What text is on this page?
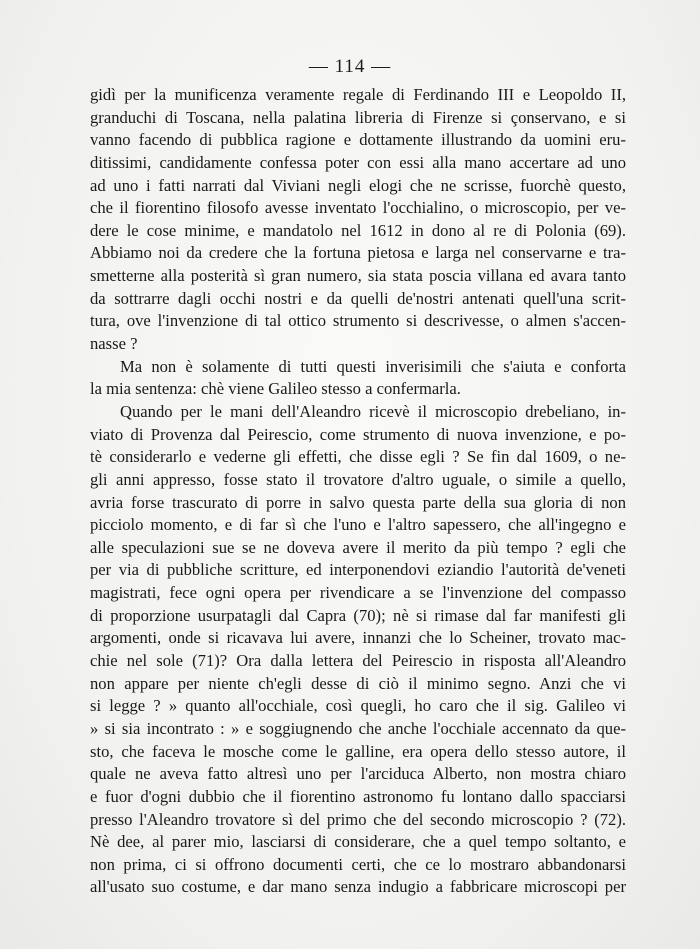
— 114 —
gidì per la munificenza veramente regale di Ferdinando III e Leopoldo II,
granduchi di Toscana, nella palatina libreria di Firenze si çonservano, e si
vanno facendo di pubblica ragione e dottamente illustrando da uomini eru-
ditissimi, candidamente confessa poter con essi alla mano accertare ad uno
ad uno i fatti narrati dal Viviani negli elogi che ne scrisse, fuorchè questo,
che il fiorentino filosofo avesse inventato l'occhialino, o microscopio, per ve-
dere le cose minime, e mandatolo nel 1612 in dono al re di Polonia (69).
Abbiamo noi da credere che la fortuna pietosa e larga nel conservarne e tra-
smetterne alla posterità sì gran numero, sia stata poscia villana ed avara tanto
da sottrarre dagli occhi nostri e da quelli de'nostri antenati quell'una scrit-
tura, ove l'invenzione di tal ottico strumento si descrivesse, o almen s'accen-
nasse ?
Ma non è solamente di tutti questi inverisimili che s'aiuta e conforta
la mia sentenza: chè viene Galileo stesso a confermarla.
Quando per le mani dell'Aleandro ricevè il microscopio drebeliano, in-
viato di Provenza dal Peirescio, come strumento di nuova invenzione, e po-
tè considerarlo e vederne gli effetti, che disse egli ? Se fin dal 1609, o ne-
gli anni appresso, fosse stato il trovatore d'altro uguale, o simile a quello,
avria forse trascurato di porre in salvo questa parte della sua gloria di non
picciolo momento, e di far sì che l'uno e l'altro sapessero, che all'ingegno e
alle speculazioni sue se ne doveva avere il merito da più tempo ? egli che
per via di pubbliche scritture, ed interponendovi eziandio l'autorità de'veneti
magistrati, fece ogni opera per rivendicare a se l'invenzione del compasso
di proporzione usurpatagli dal Capra (70); nè si rimase dal far manifesti gli
argomenti, onde si ricavava lui avere, innanzi che lo Scheiner, trovato mac-
chie nel sole (71)? Ora dalla lettera del Peirescio in risposta all'Aleandro
non appare per niente ch'egli desse di ciò il minimo segno. Anzi che vi
si legge ? » quanto all'occhiale, così quegli, ho caro che il sig. Galileo vi
» si sia incontrato : » e soggiugnendo che anche l'occhiale accennato da que-
sto, che faceva le mosche come le galline, era opera dello stesso autore, il
quale ne aveva fatto altresì uno per l'arciduca Alberto, non mostra chiaro
e fuor d'ogni dubbio che il fiorentino astronomo fu lontano dallo spacciarsi
presso l'Aleandro trovatore sì del primo che del secondo microscopio ? (72).
Nè dee, al parer mio, lasciarsi di considerare, che a quel tempo soltanto, e
non prima, ci si offrono documenti certi, che ce lo mostraro abbandonarsi
all'usato suo costume, e dar mano senza indugio a fabbricare microscopi per
